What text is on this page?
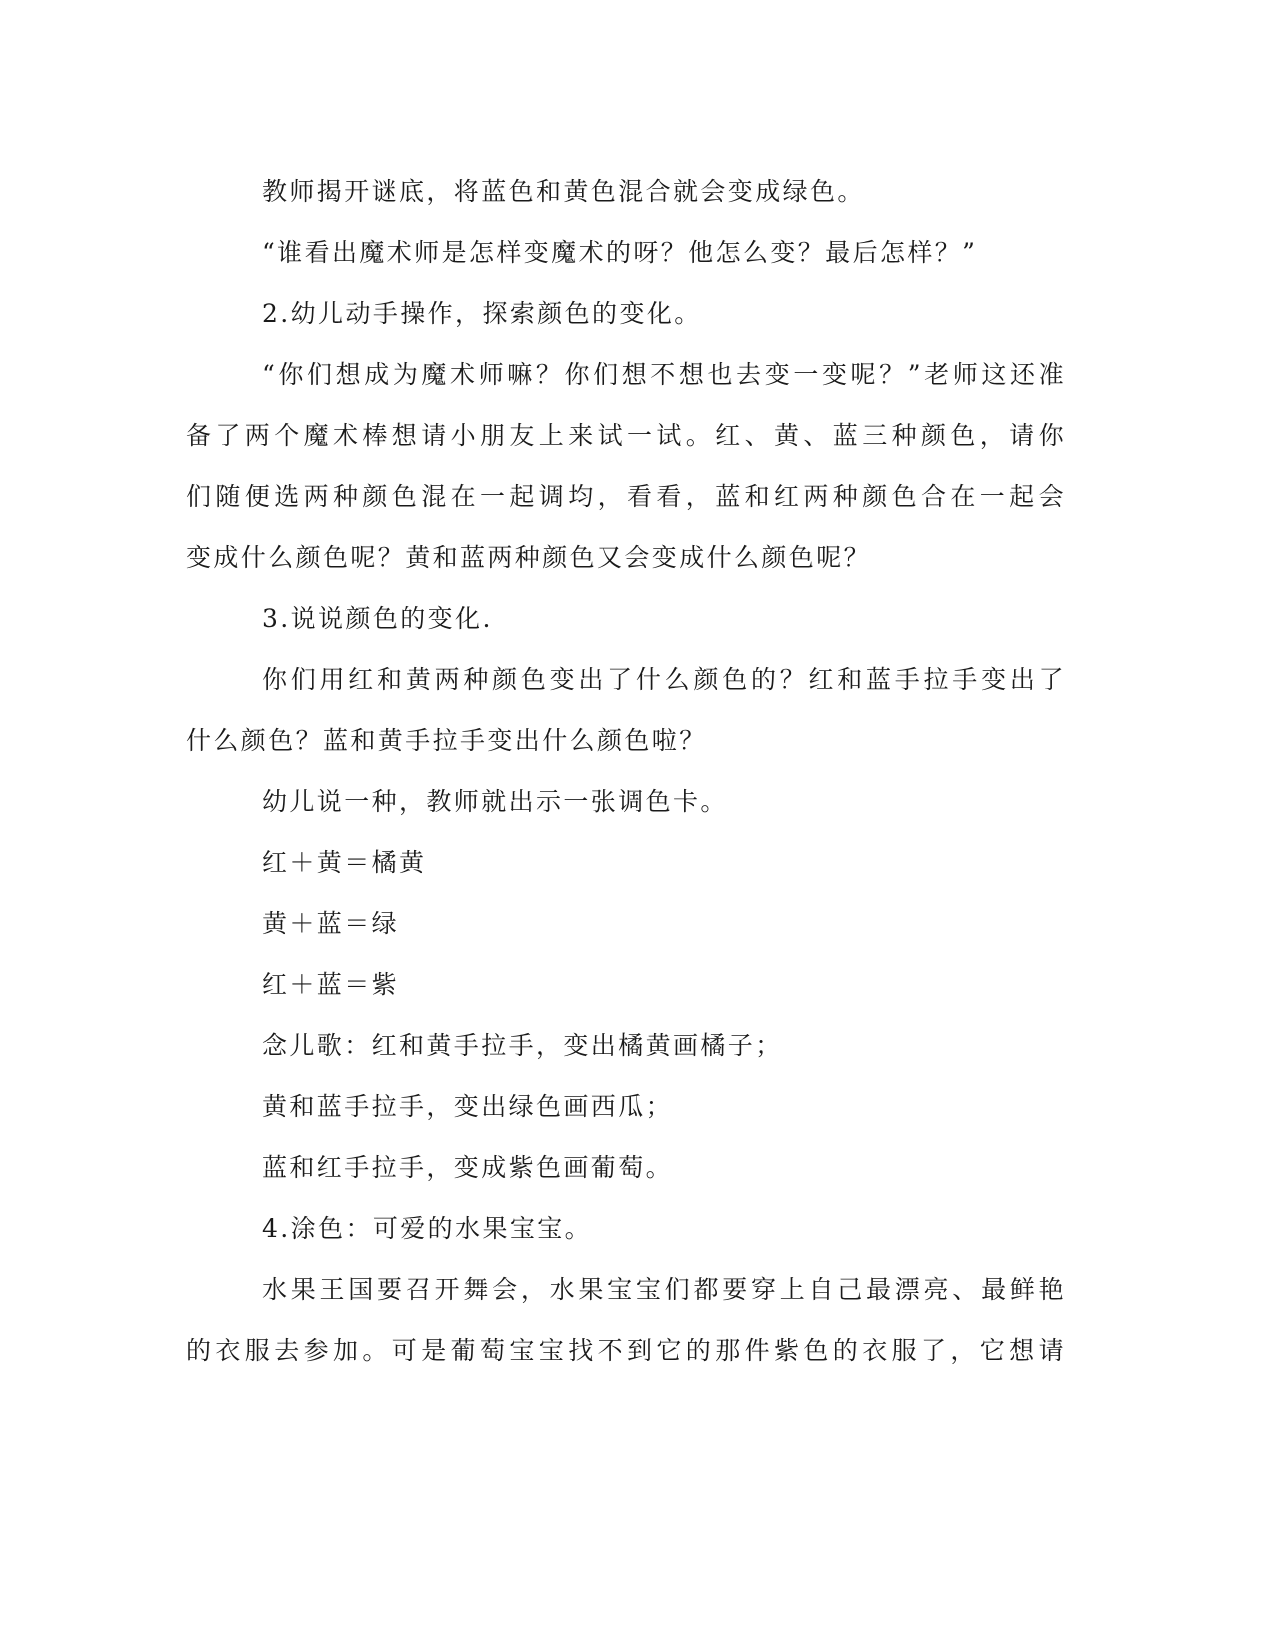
教师揭开谜底，将蓝色和黄色混合就会变成绿色。
“谁看出魔术师是怎样变魔术的呀？他怎么变？最后怎样？”
2.幼儿动手操作，探索颜色的变化。
“你们想成为魔术师嘛？你们想不想也去变一变呢？”老师这还准
备了两个魔术棒想请小朋友上来试一试。红、黄、蓝三种颜色，请你
们随便选两种颜色混在一起调均，看看，蓝和红两种颜色合在一起会
变成什么颜色呢？黄和蓝两种颜色又会变成什么颜色呢？
3.说说颜色的变化.
你们用红和黄两种颜色变出了什么颜色的？红和蓝手拉手变出了
什么颜色？蓝和黄手拉手变出什么颜色啦？
幼儿说一种，教师就出示一张调色卡。
红＋黄＝橘黄
黄＋蓝＝绿
红＋蓝＝紫
念儿歌：红和黄手拉手，变出橘黄画橘子；
黄和蓝手拉手，变出绿色画西瓜；
蓝和红手拉手，变成紫色画葡萄。
4.涂色：可爱的水果宝宝。
水果王国要召开舞会，水果宝宝们都要穿上自己最漂亮、最鲜艳
的衣服去参加。可是葡萄宝宝找不到它的那件紫色的衣服了，它想请
